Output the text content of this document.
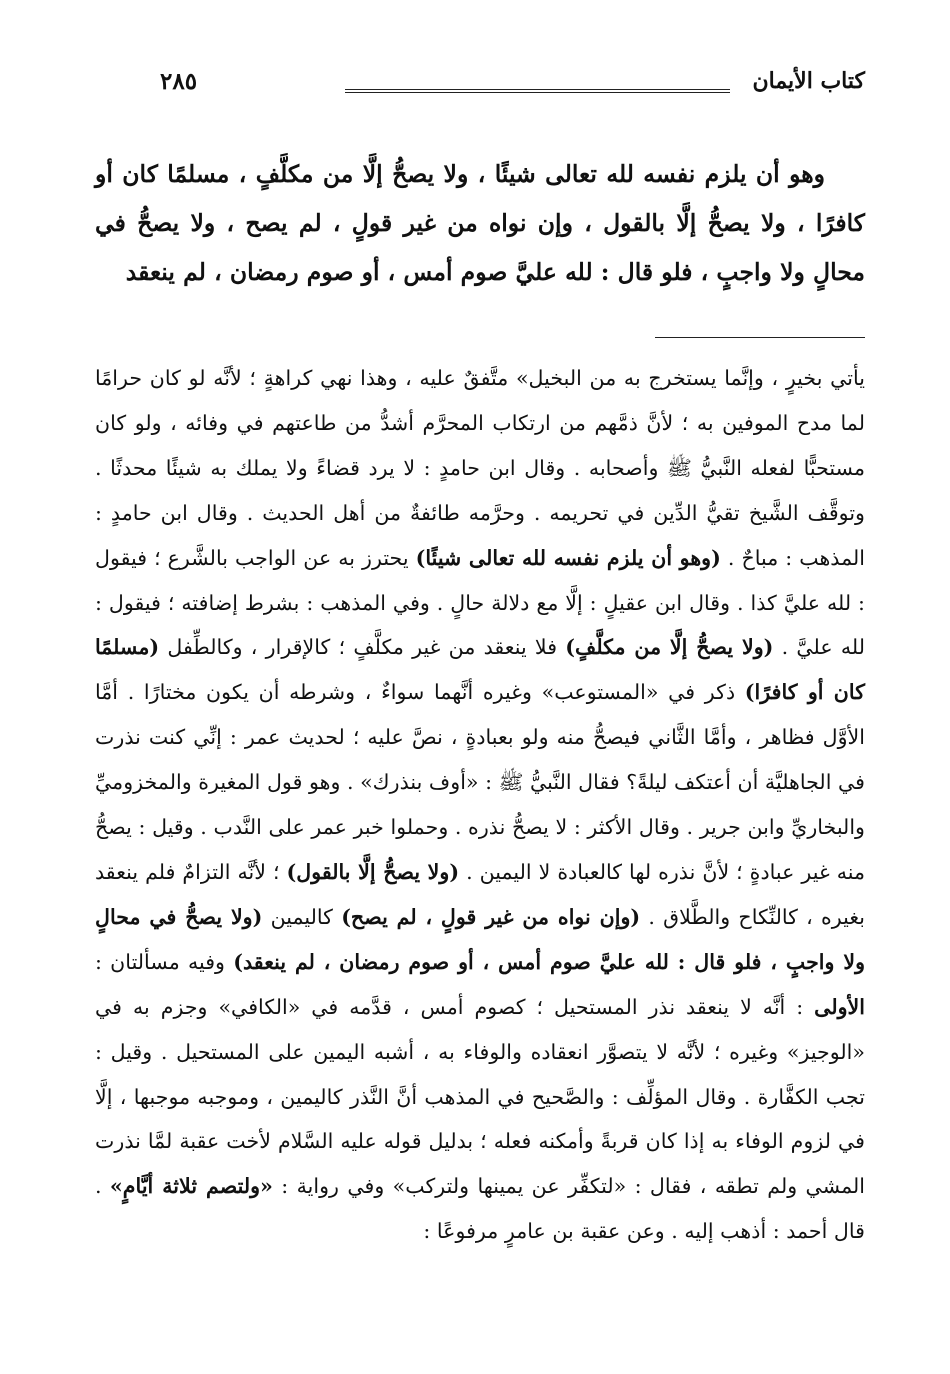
كتاب الأيمان
٢٨٥

وهو أن يلزم نفسه لله تعالى شيئًا ، ولا يصحُّ إلَّا من مكلَّفٍ ، مسلمًا كان أو كافرًا ، ولا يصحُّ إلَّا بالقول ، وإن نواه من غير قولٍ ، لم يصح ، ولا يصحُّ في محالٍ ولا واجبٍ ، فلو قال : لله عليَّ صوم أمس ، أو صوم رمضان ، لم ينعقد

يأتي بخيرٍ ، وإنَّما يستخرج به من البخيل» متَّفقٌ عليه ، وهذا نهي كراهةٍ ؛ لأنَّه لو كان حرامًا لما مدح الموفين به ؛ لأنَّ ذمَّهم من ارتكاب المحرَّم أشدُّ من طاعتهم في وفائه ، ولو كان مستحبًّا لفعله النَّبيُّ ﷺ وأصحابه . وقال ابن حامدٍ : لا يرد قضاءً ولا يملك به شيئًا محدثًا . وتوقَّف الشَّيخ تقيُّ الدِّين في تحريمه . وحرَّمه طائفةٌ من أهل الحديث . وقال ابن حامدٍ : المذهب : مباحٌ . (وهو أن يلزم نفسه لله تعالى شيئًا) يحترز به عن الواجب بالشَّرع ؛ فيقول : لله عليَّ كذا . وقال ابن عقيلٍ : إلَّا مع دلالة حالٍ . وفي المذهب : بشرط إضافته ؛ فيقول : لله عليَّ . (ولا يصحُّ إلَّا من مكلَّفٍ) فلا ينعقد من غير مكلَّفٍ ؛ كالإقرار ، وكالطِّفل (مسلمًا كان أو كافرًا) ذكر في «المستوعب» وغيره أنَّهما سواءٌ ، وشرطه أن يكون مختارًا . أمَّا الأوَّل فظاهر ، وأمَّا الثَّاني فيصحُّ منه ولو بعبادةٍ ، نصَّ عليه ؛ لحديث عمر : إنِّي كنت نذرت في الجاهليَّة أن أعتكف ليلةً؟ فقال النَّبيُّ ﷺ : «أوف بنذرك» . وهو قول المغيرة والمخزوميِّ والبخاريِّ وابن جرير . وقال الأكثر : لا يصحُّ نذره . وحملوا خبر عمر على النَّدب . وقيل : يصحُّ منه غير عبادةٍ ؛ لأنَّ نذره لها كالعبادة لا اليمين . (ولا يصحُّ إلَّا بالقول) ؛ لأنَّه التزامٌ فلم ينعقد بغيره ، كالنِّكاح والطَّلاق . (وإن نواه من غير قولٍ ، لم يصح) كاليمين (ولا يصحُّ في محالٍ ولا واجبٍ ، فلو قال : لله عليَّ صوم أمس ، أو صوم رمضان ، لم ينعقد) وفيه مسألتان : الأولى : أنَّه لا ينعقد نذر المستحيل ؛ كصوم أمس ، قدَّمه في «الكافي» وجزم به في «الوجيز» وغيره ؛ لأنَّه لا يتصوَّر انعقاده والوفاء به ، أشبه اليمين على المستحيل . وقيل : تجب الكفَّارة . وقال المؤلِّف : والصَّحيح في المذهب أنَّ النَّذر كاليمين ، وموجبه موجبها ، إلَّا في لزوم الوفاء به إذا كان قربةً وأمكنه فعله ؛ بدليل قوله عليه السَّلام لأخت عقبة لمَّا نذرت المشي ولم تطقه ، فقال : «لتكفِّر عن يمينها ولتركب» وفي رواية : «ولتصم ثلاثة أيَّامٍ» . قال أحمد : أذهب إليه . وعن عقبة بن عامرٍ مرفوعًا :
